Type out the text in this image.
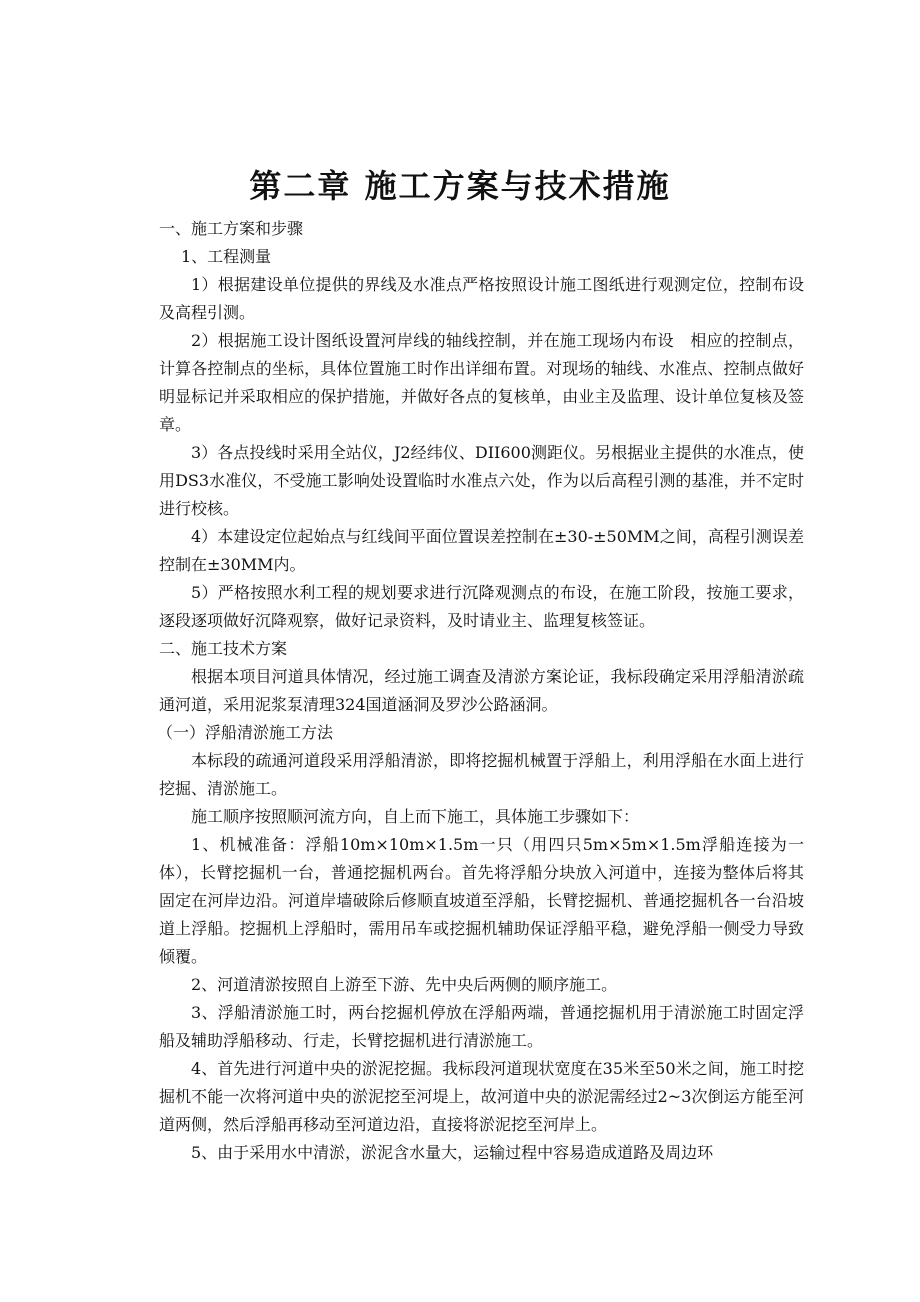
第二章 施工方案与技术措施

一、施工方案和步骤

1、工程测量

1）根据建设单位提供的界线及水准点严格按照设计施工图纸进行观测定位，控制布设及高程引测。

2）根据施工设计图纸设置河岸线的轴线控制，并在施工现场内布设　相应的控制点，计算各控制点的坐标，具体位置施工时作出详细布置。对现场的轴线、水准点、控制点做好明显标记并采取相应的保护措施，并做好各点的复核单，由业主及监理、设计单位复核及签章。

3）各点投线时采用全站仪，J2经纬仪、DII600测距仪。另根据业主提供的水准点，使用DS3水准仪，不受施工影响处设置临时水准点六处，作为以后高程引测的基准，并不定时进行校核。

4）本建设定位起始点与红线间平面位置误差控制在±30-±50MM之间，高程引测误差控制在±30MM内。

5）严格按照水利工程的规划要求进行沉降观测点的布设，在施工阶段，按施工要求，逐段逐项做好沉降观察，做好记录资料，及时请业主、监理复核签证。

二、施工技术方案

根据本项目河道具体情况，经过施工调查及清淤方案论证，我标段确定采用浮船清淤疏通河道，采用泥浆泵清理324国道涵洞及罗沙公路涵洞。

（一）浮船清淤施工方法

本标段的疏通河道段采用浮船清淤，即将挖掘机械置于浮船上，利用浮船在水面上进行挖掘、清淤施工。

施工顺序按照顺河流方向，自上而下施工，具体施工步骤如下：

1、机械准备：浮船10m×10m×1.5m一只（用四只5m×5m×1.5m浮船连接为一体），长臂挖掘机一台，普通挖掘机两台。首先将浮船分块放入河道中，连接为整体后将其固定在河岸边沿。河道岸墙破除后修顺直坡道至浮船，长臂挖掘机、普通挖掘机各一台沿坡道上浮船。挖掘机上浮船时，需用吊车或挖掘机辅助保证浮船平稳，避免浮船一侧受力导致倾覆。

2、河道清淤按照自上游至下游、先中央后两侧的顺序施工。

3、浮船清淤施工时，两台挖掘机停放在浮船两端，普通挖掘机用于清淤施工时固定浮船及辅助浮船移动、行走，长臂挖掘机进行清淤施工。

4、首先进行河道中央的淤泥挖掘。我标段河道现状宽度在35米至50米之间，施工时挖掘机不能一次将河道中央的淤泥挖至河堤上，故河道中央的淤泥需经过2~3次倒运方能至河道两侧，然后浮船再移动至河道边沿，直接将淤泥挖至河岸上。

5、由于采用水中清淤，淤泥含水量大，运输过程中容易造成道路及周边环
